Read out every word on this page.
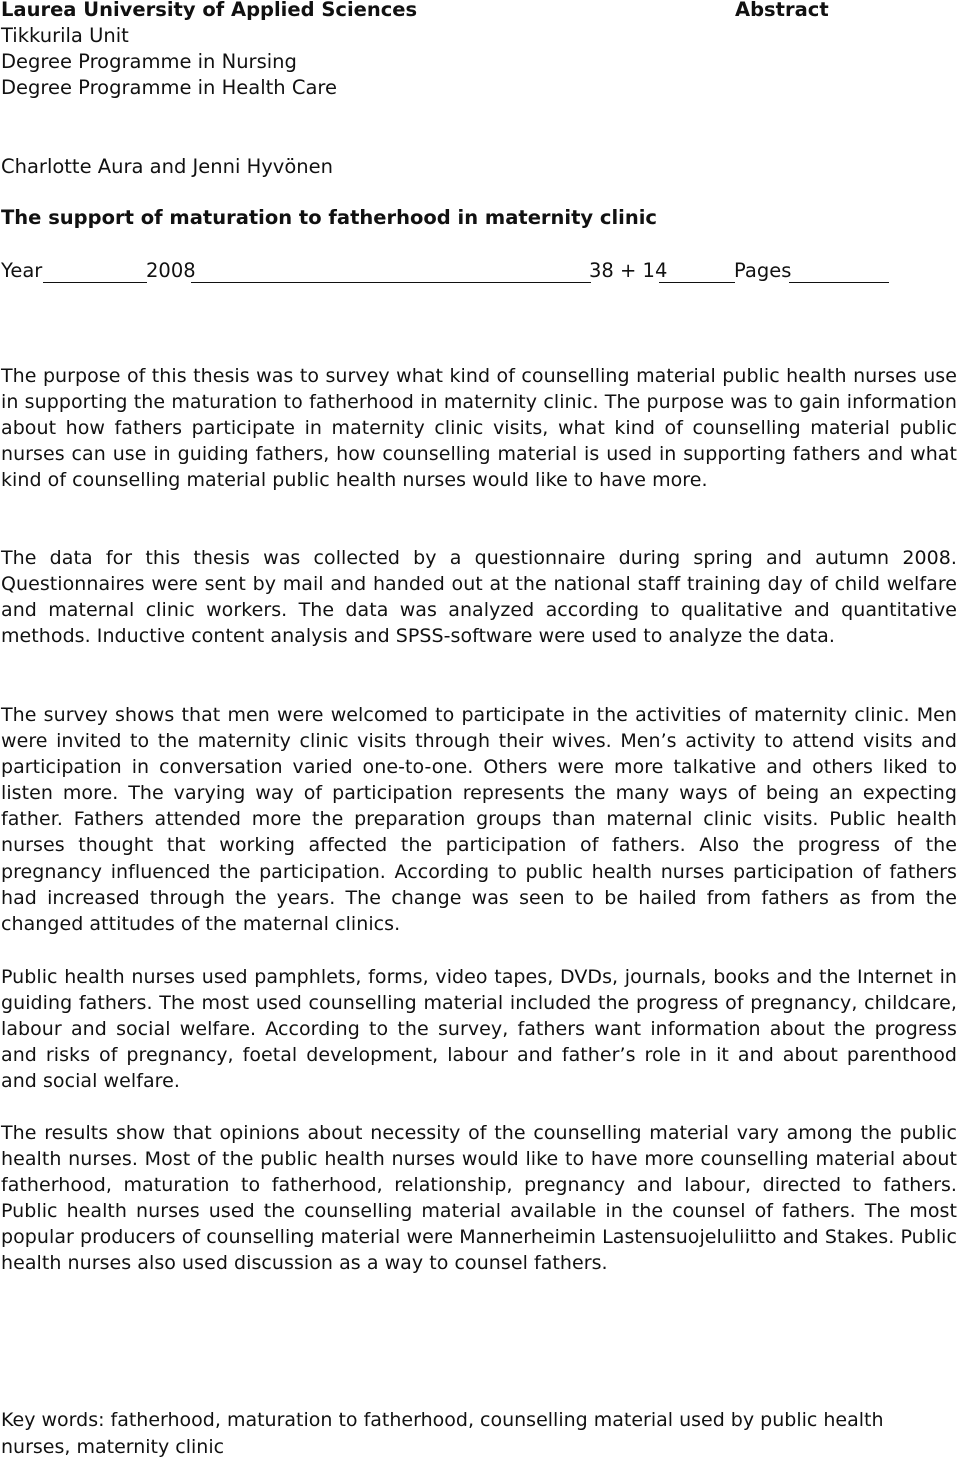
Laurea University of Applied Sciences
Tikkurila Unit
Degree Programme in Nursing
Degree Programme in Health Care
Abstract
Charlotte Aura and Jenni Hyvönen
The support of maturation to fatherhood in maternity clinic
Year	2008	38 + 14	Pages

The purpose of this thesis was to survey what kind of counselling material public health nurses use in supporting the maturation to fatherhood in maternity clinic. The purpose was to gain information about how fathers participate in maternity clinic visits, what kind of counselling material public nurses can use in guiding fathers, how counselling material is used in supporting fathers and what kind of counselling material public health nurses would like to have more.

The data for this thesis was collected by a questionnaire during spring and autumn 2008. Questionnaires were sent by mail and handed out at the national staff training day of child welfare and maternal clinic workers. The data was analyzed according to qualitative and quantitative methods. Inductive content analysis and SPSS-software were used to analyze the data.

The survey shows that men were welcomed to participate in the activities of maternity clinic. Men were invited to the maternity clinic visits through their wives. Men’s activity to attend visits and participation in conversation varied one-to-one. Others were more talkative and others liked to listen more. The varying way of participation represents the many ways of being an expecting father. Fathers attended more the preparation groups than maternal clinic visits. Public health nurses thought that working affected the participation of fathers. Also the progress of the pregnancy influenced the participation. According to public health nurses participation of fathers had increased through the years. The change was seen to be hailed from fathers as from the changed attitudes of the maternal clinics.

Public health nurses used pamphlets, forms, video tapes, DVDs, journals, books and the Internet in guiding fathers. The most used counselling material included the progress of pregnancy, childcare, labour and social welfare. According to the survey, fathers want information about the progress and risks of pregnancy, foetal development, labour and father’s role in it and about parenthood and social welfare.

The results show that opinions about necessity of the counselling material vary among the public health nurses. Most of the public health nurses would like to have more counselling material about fatherhood, maturation to fatherhood, relationship, pregnancy and labour, directed to fathers. Public health nurses used the counselling material available in the counsel of fathers. The most popular producers of counselling material were Mannerheimin Lastensuojeluliitto and Stakes. Public health nurses also used discussion as a way to counsel fathers.

Key words: fatherhood, maturation to fatherhood, counselling material used by public health nurses, maternity clinic
